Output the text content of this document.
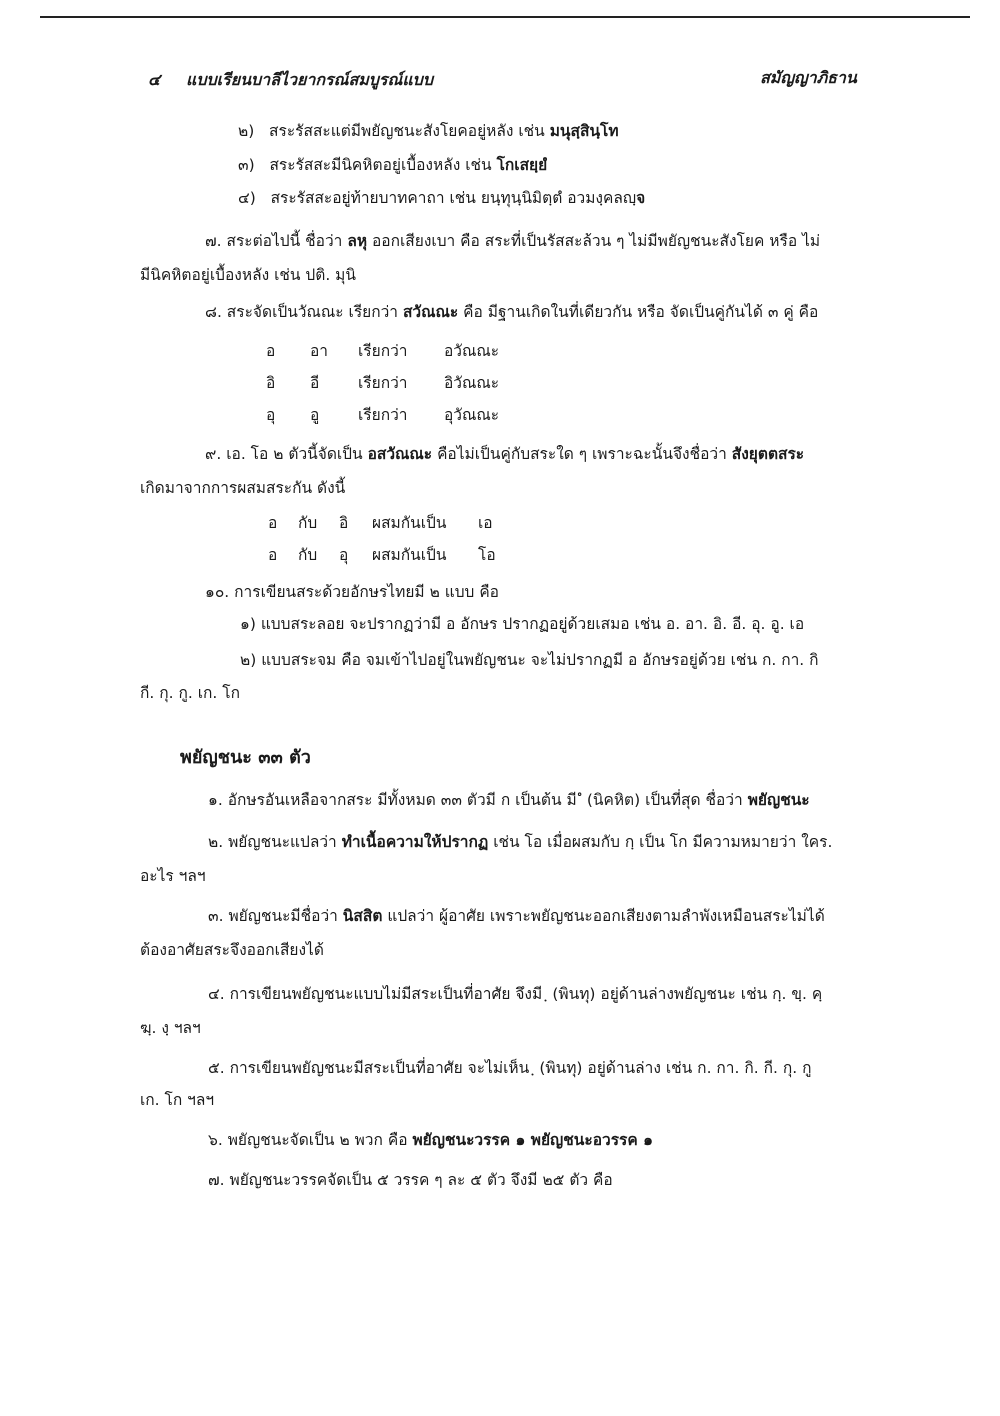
๔ แบบเรียนบาลีไวยากรณ์สมบูรณ์แบบ	สมัญญาภิธาน
๒) สระรัสสะแต่มีพยัญชนะสังโยคอยู่หลัง เช่น มนุสฺสินฺโท
๓) สระรัสสะมีนิคหิตอยู่เบื้องหลัง เช่น โกเสยฺยํ
๔) สระรัสสะอยู่ท้ายบาทคาถา เช่น ยนฺทุนฺนิมิตฺตํ อวมงฺคลญฺจ
๗. สระต่อไปนี้ ชื่อว่า ลหุ ออกเสียงเบา คือ สระที่เป็นรัสสะล้วน ๆ ไม่มีพยัญชนะสังโยค หรือ ไม่
มีนิคหิตอยู่เบื้องหลัง เช่น ปติ. มุนิ
๘. สระจัดเป็นวัณณะ เรียกว่า สวัณณะ คือ มีฐานเกิดในที่เดียวกัน หรือ จัดเป็นคู่กันได้ ๓ คู่ คือ
อ อา เรียกว่า อวัณณะ
อิ อี เรียกว่า อิวัณณะ
อุ อู เรียกว่า อุวัณณะ
๙. เอ. โอ ๒ ตัวนี้จัดเป็น อสวัณณะ คือไม่เป็นคู่กับสระใด ๆ เพราะฉะนั้นจึงชื่อว่า สังยุตตสระ
เกิดมาจากการผสมสระกัน ดังนี้
อ กับ อิ ผสมกันเป็น เอ
อ กับ อุ ผสมกันเป็น โอ
๑๐. การเขียนสระด้วยอักษรไทยมี ๒ แบบ คือ
๑) แบบสระลอย จะปรากฏว่ามี อ อักษร ปรากฏอยู่ด้วยเสมอ เช่น อ. อา. อิ. อี. อุ. อู. เอ
๒) แบบสระจม คือ จมเข้าไปอยู่ในพยัญชนะ จะไม่ปรากฏมี อ อักษรอยู่ด้วย เช่น ก. กา. กิ
กี. กุ. กู. เก. โก
พยัญชนะ ๓๓ ตัว
๑. อักษรอันเหลือจากสระ มีทั้งหมด ๓๓ ตัวมี ก เป็นต้น มี ํ (นิคหิต) เป็นที่สุด ชื่อว่า พยัญชนะ
๒. พยัญชนะแปลว่า ทำเนื้อความให้ปรากฏ เช่น โอ เมื่อผสมกับ กฺ เป็น โก มีความหมายว่า ใคร.
อะไร ฯลฯ
๓. พยัญชนะมีชื่อว่า นิสสิต แปลว่า ผู้อาศัย เพราะพยัญชนะออกเสียงตามลำพังเหมือนสระไม่ได้
ต้องอาศัยสระจึงออกเสียงได้
๔. การเขียนพยัญชนะแบบไม่มีสระเป็นที่อาศัย จึงมี ฺ (พินทุ) อยู่ด้านล่างพยัญชนะ เช่น กฺ. ขฺ. คฺ
ฆฺ. งฺ ฯลฯ
๕. การเขียนพยัญชนะมีสระเป็นที่อาศัย จะไม่เห็น ฺ (พินทุ) อยู่ด้านล่าง เช่น ก. กา. กิ. กี. กุ. กู
เก. โก ฯลฯ
๖. พยัญชนะจัดเป็น ๒ พวก คือ พยัญชนะวรรค ๑ พยัญชนะอวรรค ๑
๗. พยัญชนะวรรคจัดเป็น ๕ วรรค ๆ ละ ๕ ตัว จึงมี ๒๕ ตัว คือ
